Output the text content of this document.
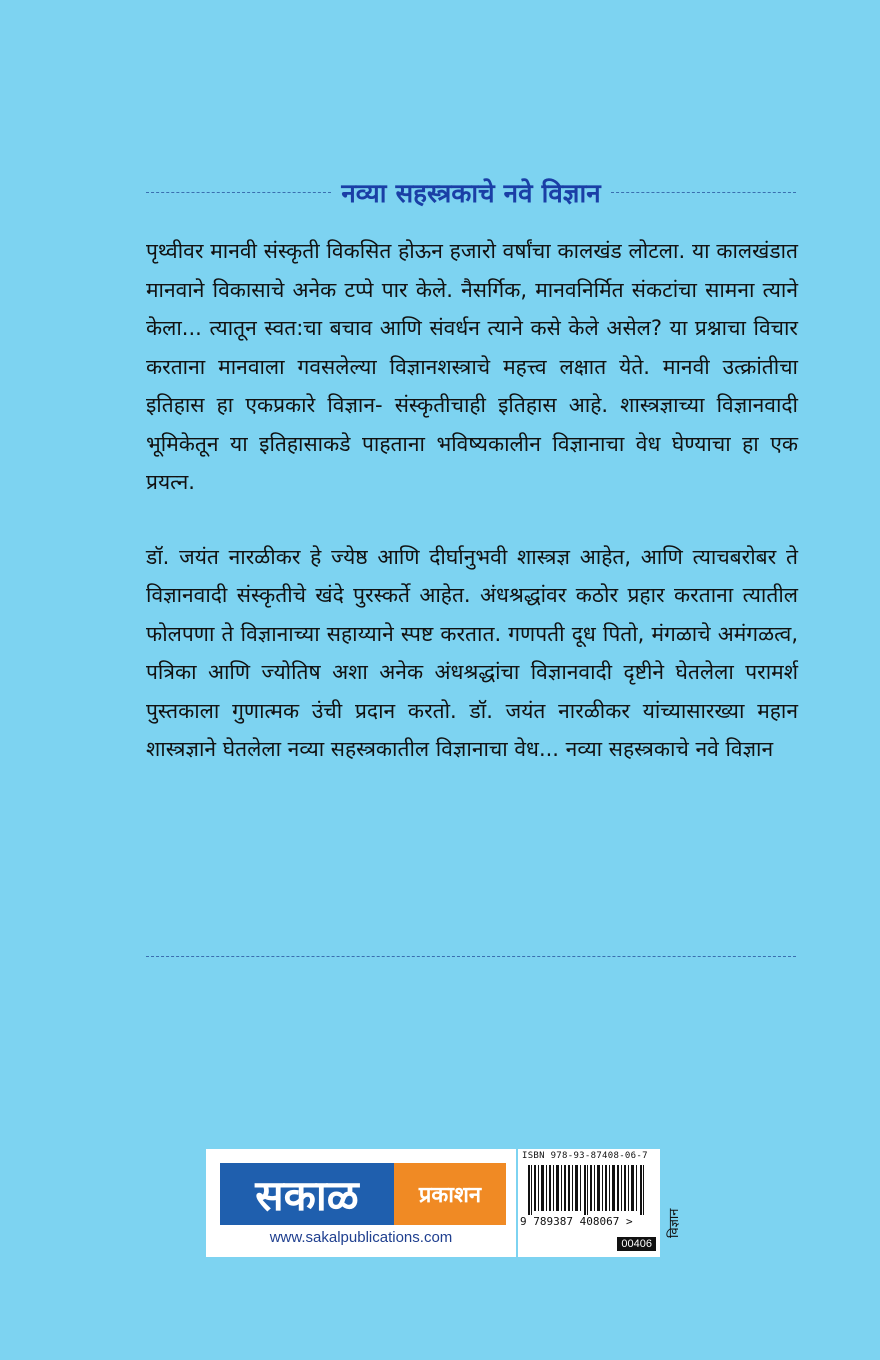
नव्या सहस्त्रकाचे नवे विज्ञान

पृथ्वीवर मानवी संस्कृती विकसित होऊन हजारो वर्षांचा कालखंड लोटला. या कालखंडात मानवाने विकासाचे अनेक टप्पे पार केले. नैसर्गिक, मानवनिर्मित संकटांचा सामना त्याने केला... त्यातून स्वत:चा बचाव आणि संवर्धन त्याने कसे केले असेल? या प्रश्नाचा विचार करताना मानवाला गवसलेल्या विज्ञानशस्त्राचे महत्त्व लक्षात येते. मानवी उत्क्रांतीचा इतिहास हा एकप्रकारे विज्ञान- संस्कृतीचाही इतिहास आहे. शास्त्रज्ञाच्या विज्ञानवादी भूमिकेतून या इतिहासाकडे पाहताना भविष्यकालीन विज्ञानाचा वेध घेण्याचा हा एक प्रयत्न.

डॉ. जयंत नारळीकर हे ज्येष्ठ आणि दीर्घानुभवी शास्त्रज्ञ आहेत, आणि त्याचबरोबर ते विज्ञानवादी संस्कृतीचे खंदे पुरस्कर्ते आहेत. अंधश्रद्धांवर कठोर प्रहार करताना त्यातील फोलपणा ते विज्ञानाच्या सहाय्याने स्पष्ट करतात. गणपती दूध पितो, मंगळाचे अमंगळत्व, पत्रिका आणि ज्योतिष अशा अनेक अंधश्रद्धांचा विज्ञानवादी दृष्टीने घेतलेला परामर्श पुस्तकाला गुणात्मक उंची प्रदान करतो. डॉ. जयंत नारळीकर यांच्यासारख्या महान शास्त्रज्ञाने घेतलेला नव्या सहस्त्रकातील विज्ञानाचा वेध... नव्या सहस्त्रकाचे नवे विज्ञान

सकाळ	प्रकाशन
www.sakalpublications.com
ISBN 978-93-87408-06-7
9 789387 408067 >
00406
विज्ञान
